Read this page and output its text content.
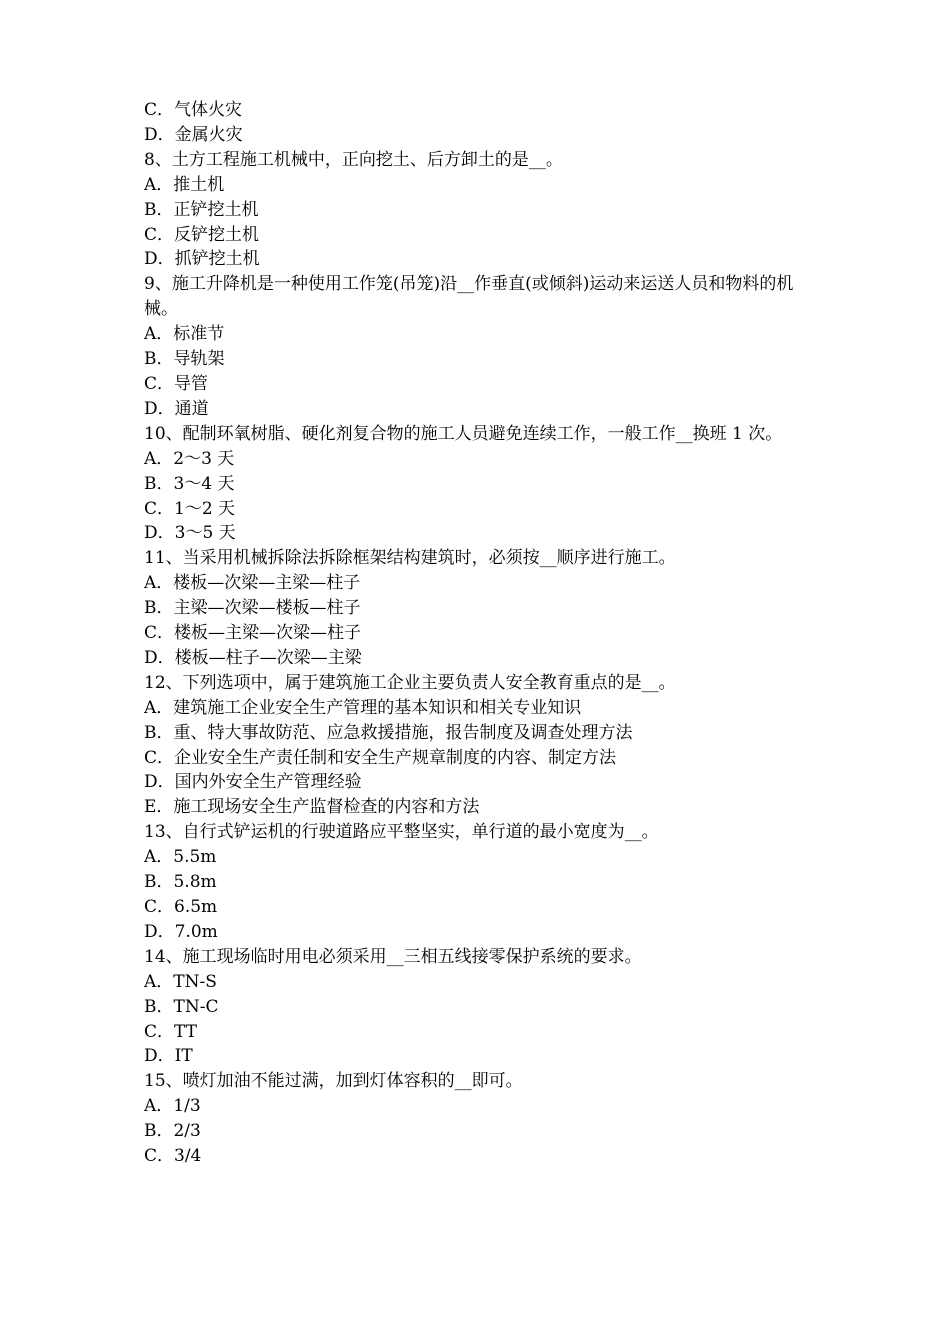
C．气体火灾
D．金属火灾
8、土方工程施工机械中，正向挖土、后方卸土的是__。
A．推土机
B．正铲挖土机
C．反铲挖土机
D．抓铲挖土机
9、施工升降机是一种使用工作笼(吊笼)沿__作垂直(或倾斜)运动来运送人员和物料的机械。
A．标准节
B．导轨架
C．导管
D．通道
10、配制环氧树脂、硬化剂复合物的施工人员避免连续工作，一般工作__换班 1 次。
A．2～3 天
B．3～4 天
C．1～2 天
D．3～5 天
11、当采用机械拆除法拆除框架结构建筑时，必须按__顺序进行施工。
A．楼板—次梁—主梁—柱子
B．主梁—次梁—楼板—柱子
C．楼板—主梁—次梁—柱子
D．楼板—柱子—次梁—主梁
12、下列选项中，属于建筑施工企业主要负责人安全教育重点的是__。
A．建筑施工企业安全生产管理的基本知识和相关专业知识
B．重、特大事故防范、应急救援措施，报告制度及调查处理方法
C．企业安全生产责任制和安全生产规章制度的内容、制定方法
D．国内外安全生产管理经验
E．施工现场安全生产监督检查的内容和方法
13、自行式铲运机的行驶道路应平整坚实，单行道的最小宽度为__。
A．5.5m
B．5.8m
C．6.5m
D．7.0m
14、施工现场临时用电必须采用__三相五线接零保护系统的要求。
A．TN-S
B．TN-C
C．TT
D．IT
15、喷灯加油不能过满，加到灯体容积的__即可。
A．1/3
B．2/3
C．3/4
